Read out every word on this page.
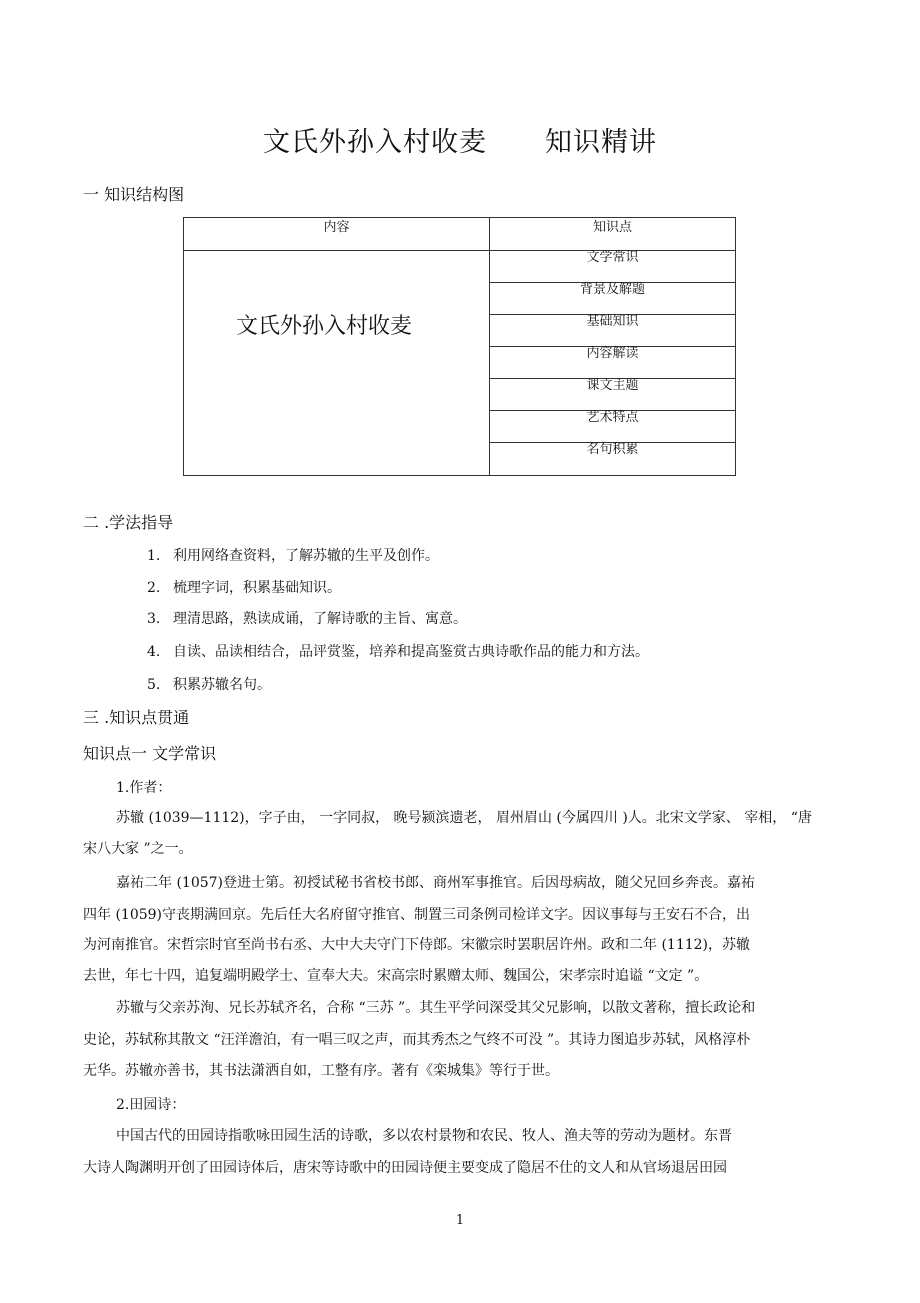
文氏外孙入村收麦 知识精讲
一 知识结构图
内容	知识点

文氏外孙入村收麦	文学常识
	背景及解题
	基础知识
	内容解读
	课文主题
	艺术特点
	名句积累
二 .学法指导
1. 利用网络查资料，了解苏辙的生平及创作。
2. 梳理字词，积累基础知识。
3. 理清思路，熟读成诵，了解诗歌的主旨、寓意。
4. 自读、品读相结合，品评赏鉴，培养和提高鉴赏古典诗歌作品的能力和方法。
5. 积累苏辙名句。
三 .知识点贯通
知识点一 文学常识
1.作者：
苏辙 (1039—1112)，字子由， 一字同叔， 晚号颍滨遗老， 眉州眉山 (今属四川 )人。北宋文学家、 宰相， “唐
宋八大家 ”之一。
嘉祐二年 (1057)登进士第。初授试秘书省校书郎、商州军事推官。后因母病故，随父兄回乡奔丧。嘉祐
四年 (1059)守丧期满回京。先后任大名府留守推官、制置三司条例司检详文字。因议事每与王安石不合，出
为河南推官。宋哲宗时官至尚书右丞、大中大夫守门下侍郎。宋徽宗时罢职居许州。政和二年 (1112)，苏辙
去世，年七十四，追复端明殿学士、宣奉大夫。宋高宗时累赠太师、魏国公，宋孝宗时追谥 “文定 ”。
苏辙与父亲苏洵、兄长苏轼齐名，合称 “三苏 ”。其生平学问深受其父兄影响，以散文著称，擅长政论和
史论，苏轼称其散文 “汪洋澹泊，有一唱三叹之声，而其秀杰之气终不可没 ”。其诗力图追步苏轼，风格淳朴
无华。苏辙亦善书，其书法潇洒自如，工整有序。著有《栾城集》等行于世。
2.田园诗：
中国古代的田园诗指歌咏田园生活的诗歌，多以农村景物和农民、牧人、渔夫等的劳动为题材。东晋
大诗人陶渊明开创了田园诗体后，唐宋等诗歌中的田园诗便主要变成了隐居不仕的文人和从官场退居田园
1
